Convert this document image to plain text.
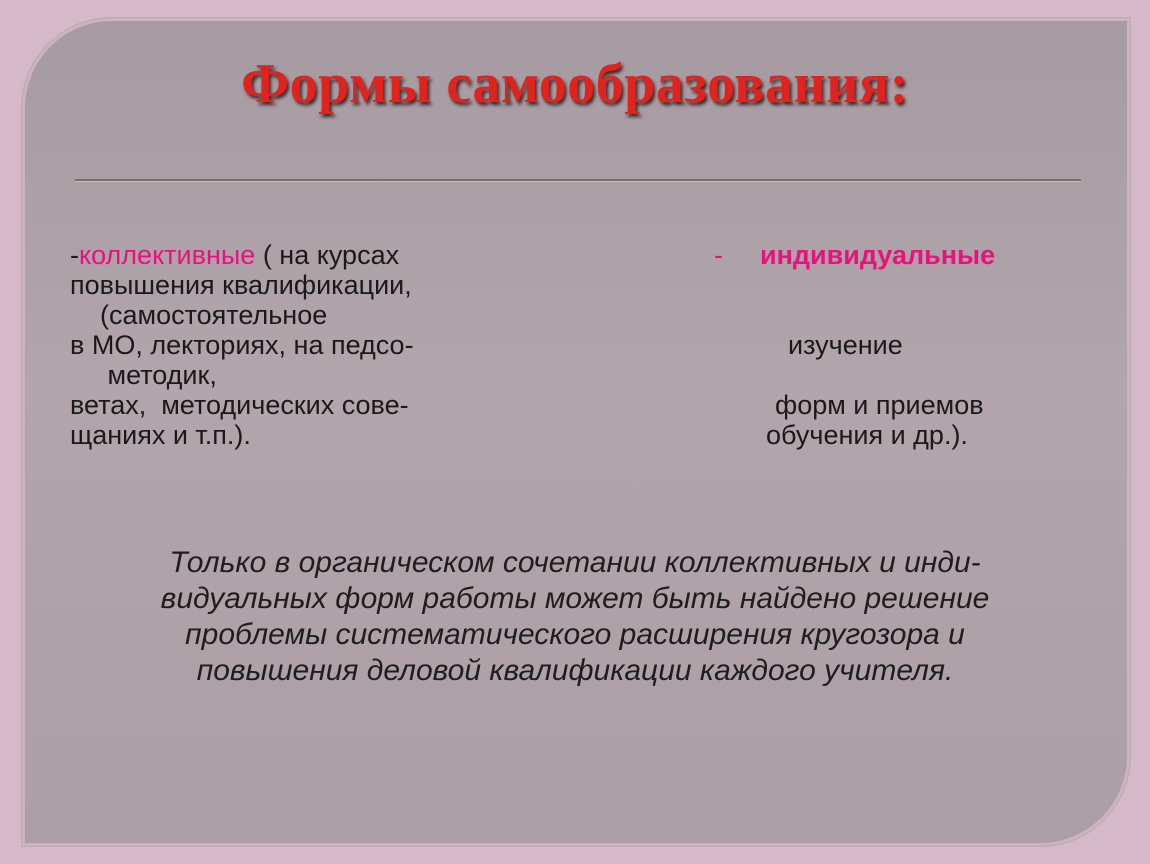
Формы самообразования:
-коллективные ( на курсах
повышения квалификации,
(самостоятельное
в МО, лекториях, на педсо-
методик,
ветах,  методических сове-
щаниях и т.п.).
- индивидуальные
изучение
форм и приемов
обучения и др.).
Только в органическом сочетании коллективных и инди-
видуальных форм работы может быть найдено решение
проблемы систематического расширения кругозора и
повышения деловой квалификации каждого учителя.
